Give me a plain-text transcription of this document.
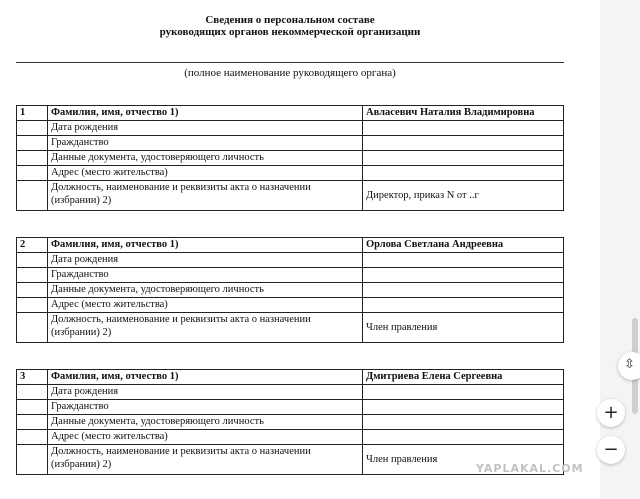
Сведения о персональном составе
руководящих органов некоммерческой организации
(полное наименование руководящего органа)
1	Фамилия, имя, отчество 1)	Авласевич Наталия Владимировна
	Дата рождения	
	Гражданство	
	Данные документа, удостоверяющего личность	
	Адрес (место жительства)	
	Должность, наименование и реквизиты акта о назначении (избрании) 2)	Директор, приказ N от ..г
2	Фамилия, имя, отчество 1)	Орлова Светлана Андреевна
	Дата рождения	
	Гражданство	
	Данные документа, удостоверяющего личность	
	Адрес (место жительства)	
	Должность, наименование и реквизиты акта о назначении (избрании) 2)	Член правления
3	Фамилия, имя, отчество 1)	Дмитриева Елена Сергеевна
	Дата рождения	
	Гражданство	
	Данные документа, удостоверяющего личность	
	Адрес (место жительства)	
	Должность, наименование и реквизиты акта о назначении (избрании) 2)	Член правления
YAPLAKAL.COM
⇳
+
−
